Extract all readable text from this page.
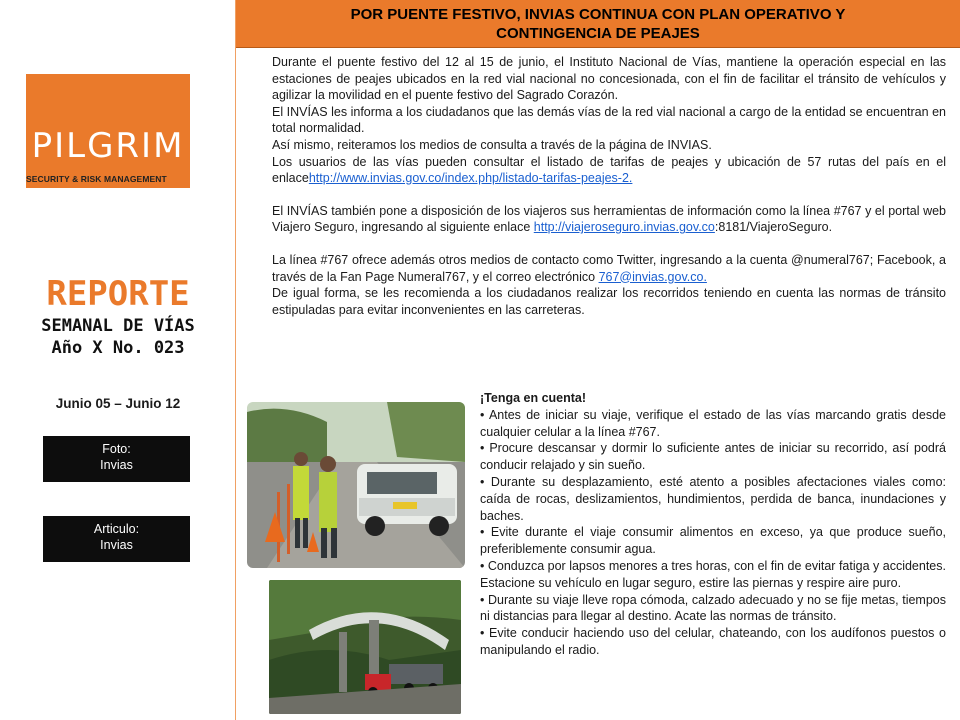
PILGRIM
SECURITY & RISK MANAGEMENT
REPORTE
SEMANAL DE VÍAS
Año X No. 023
Junio 05 – Junio 12
Foto:
Invias
Articulo:
Invias
POR PUENTE FESTIVO, INVIAS CONTINUA CON PLAN OPERATIVO Y
CONTINGENCIA DE PEAJES

Durante el puente festivo del 12 al 15 de junio, el Instituto Nacional de Vías, mantiene la operación especial en las estaciones de peajes ubicados en la red vial nacional no concesionada, con el fin de facilitar el tránsito de vehículos y agilizar la movilidad en el puente festivo del Sagrado Corazón.

El INVÍAS les informa a los ciudadanos que las demás vías de la red vial nacional a cargo de la entidad se encuentran en total normalidad.

Así mismo, reiteramos los medios de consulta a través de la página de INVIAS.

Los usuarios de las vías pueden consultar el listado de tarifas de peajes y ubicación de 57 rutas del país en el enlacehttp://www.invias.gov.co/index.php/listado-tarifas-peajes-2.

El INVÍAS también pone a disposición de los viajeros sus herramientas de información como la línea #767 y el portal web Viajero Seguro, ingresando al siguiente enlace http://viajeroseguro.invias.gov.co:8181/ViajeroSeguro.

La línea #767 ofrece además otros medios de contacto como Twitter, ingresando a la cuenta @numeral767; Facebook, a través de la Fan Page Numeral767, y el correo electrónico 767@invias.gov.co.

De igual forma, se les recomienda a los ciudadanos realizar los recorridos teniendo en cuenta las normas de tránsito estipuladas para evitar inconvenientes en las carreteras.

¡Tenga en cuenta!

• Antes de iniciar su viaje, verifique el estado de las vías marcando gratis desde cualquier celular a la línea #767.

• Procure descansar y dormir lo suficiente antes de iniciar su recorrido, así podrá conducir relajado y sin sueño.

• Durante su desplazamiento, esté atento a posibles afectaciones viales como: caída de rocas, deslizamientos, hundimientos, perdida de banca, inundaciones y baches.

• Evite durante el viaje consumir alimentos en exceso, ya que produce sueño, preferiblemente consumir agua.

• Conduzca por lapsos menores a tres horas, con el fin de evitar fatiga y accidentes. Estacione su vehículo en lugar seguro, estire las piernas y respire aire puro.

• Durante su viaje lleve ropa cómoda, calzado adecuado y no se fije metas, tiempos ni distancias para llegar al destino. Acate las normas de tránsito.

• Evite conducir haciendo uso del celular, chateando, con los audífonos puestos o manipulando el radio.
